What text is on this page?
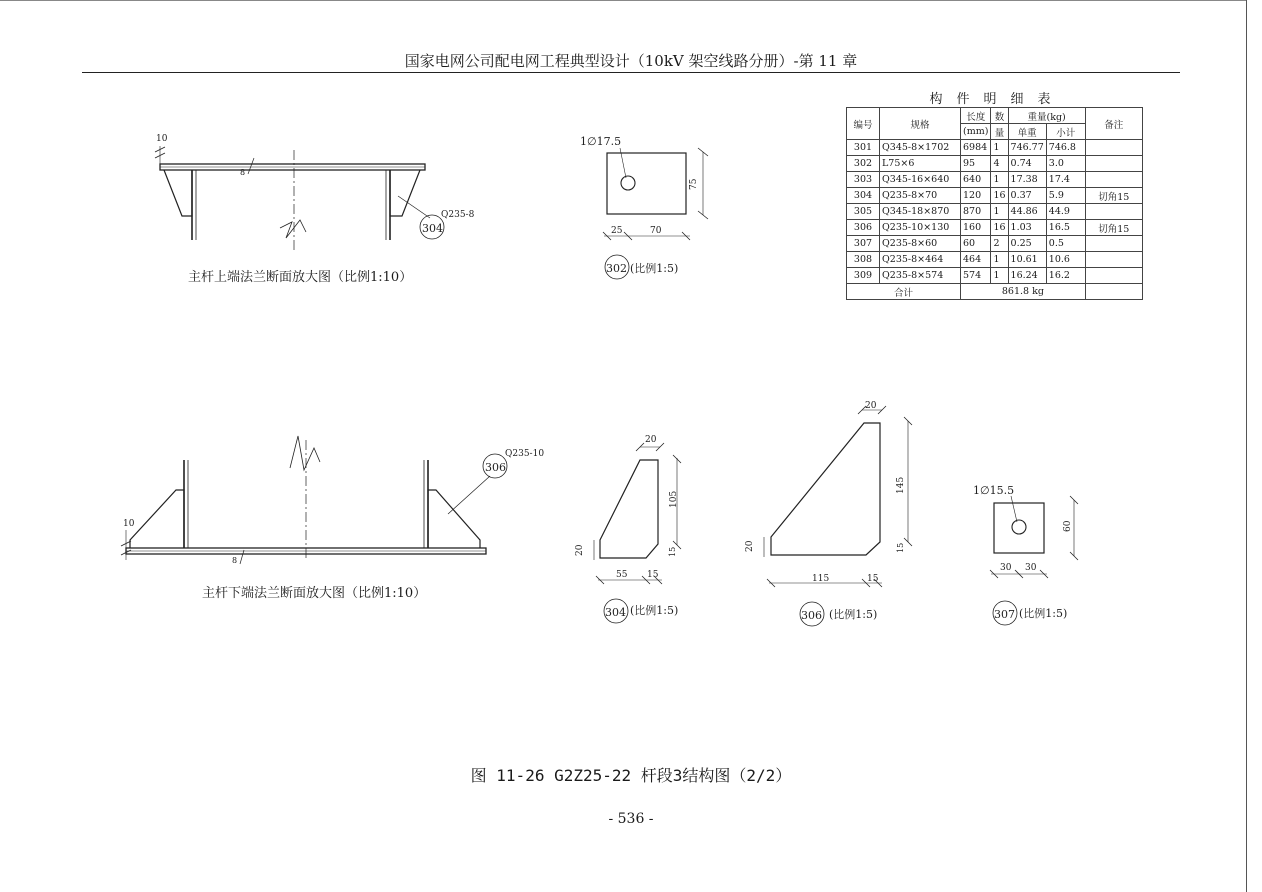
国家电网公司配电网工程典型设计（10kV 架空线路分册）-第 11 章
10
8
304
Q235-8
1∅17.5
75
25	70
302 (比例1:5)
10
8
306
Q235-10
20
105
20	15
55 15
304 (比例1:5)
20
145
20	15
115	15
306 (比例1:5)
1∅15.5
60
30 30
307 (比例1:5)
主杆上端法兰断面放大图（比例1:10）
主杆下端法兰断面放大图（比例1:10）
构件明细表
编号	规格	长度	数	重量(kg)		备注
		(mm)	量	单重	小计	
301	Q345-8×1702	6984	1	746.77	746.8	
302	L75×6	95	4	0.74	3.0	
303	Q345-16×640	640	1	17.38	17.4	
304	Q235-8×70	120	16	0.37	5.9	切角15
305	Q345-18×870	870	1	44.86	44.9	
306	Q235-10×130	160	16	1.03	16.5	切角15
307	Q235-8×60	60	2	0.25	0.5	
308	Q235-8×464	464	1	10.61	10.6	
309	Q235-8×574	574	1	16.24	16.2	
合计		861.8 kg				
图 11-26 G2Z25-22 杆段3结构图（2/2）
- 536 -
